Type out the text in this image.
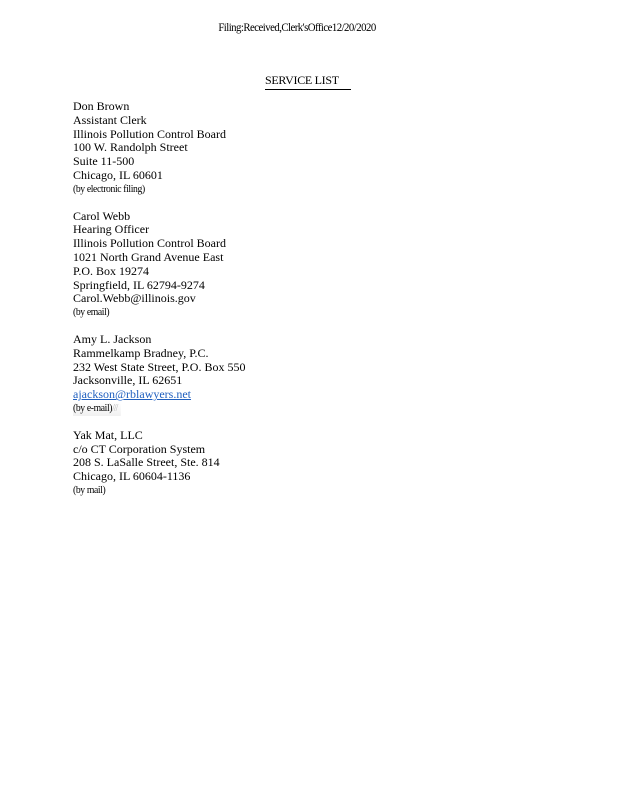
Filing:Received,Clerk'sOffice12/20/2020
SERVICE LIST
Don Brown
Assistant Clerk
Illinois Pollution Control Board
100 W. Randolph Street
Suite 11-500
Chicago, IL 60601
(by electronic filing)
Carol Webb
Hearing Officer
Illinois Pollution Control Board
1021 North Grand Avenue East
P.O. Box 19274
Springfield, IL 62794-9274
Carol.Webb@illinois.gov
(by email)
Amy L. Jackson
Rammelkamp Bradney, P.C.
232 West State Street, P.O. Box 550
Jacksonville, IL 62651
ajackson@rblawyers.net
(by e-mail)///
Yak Mat, LLC
c/o CT Corporation System
208 S. LaSalle Street, Ste. 814
Chicago, IL 60604-1136
(by mail)
